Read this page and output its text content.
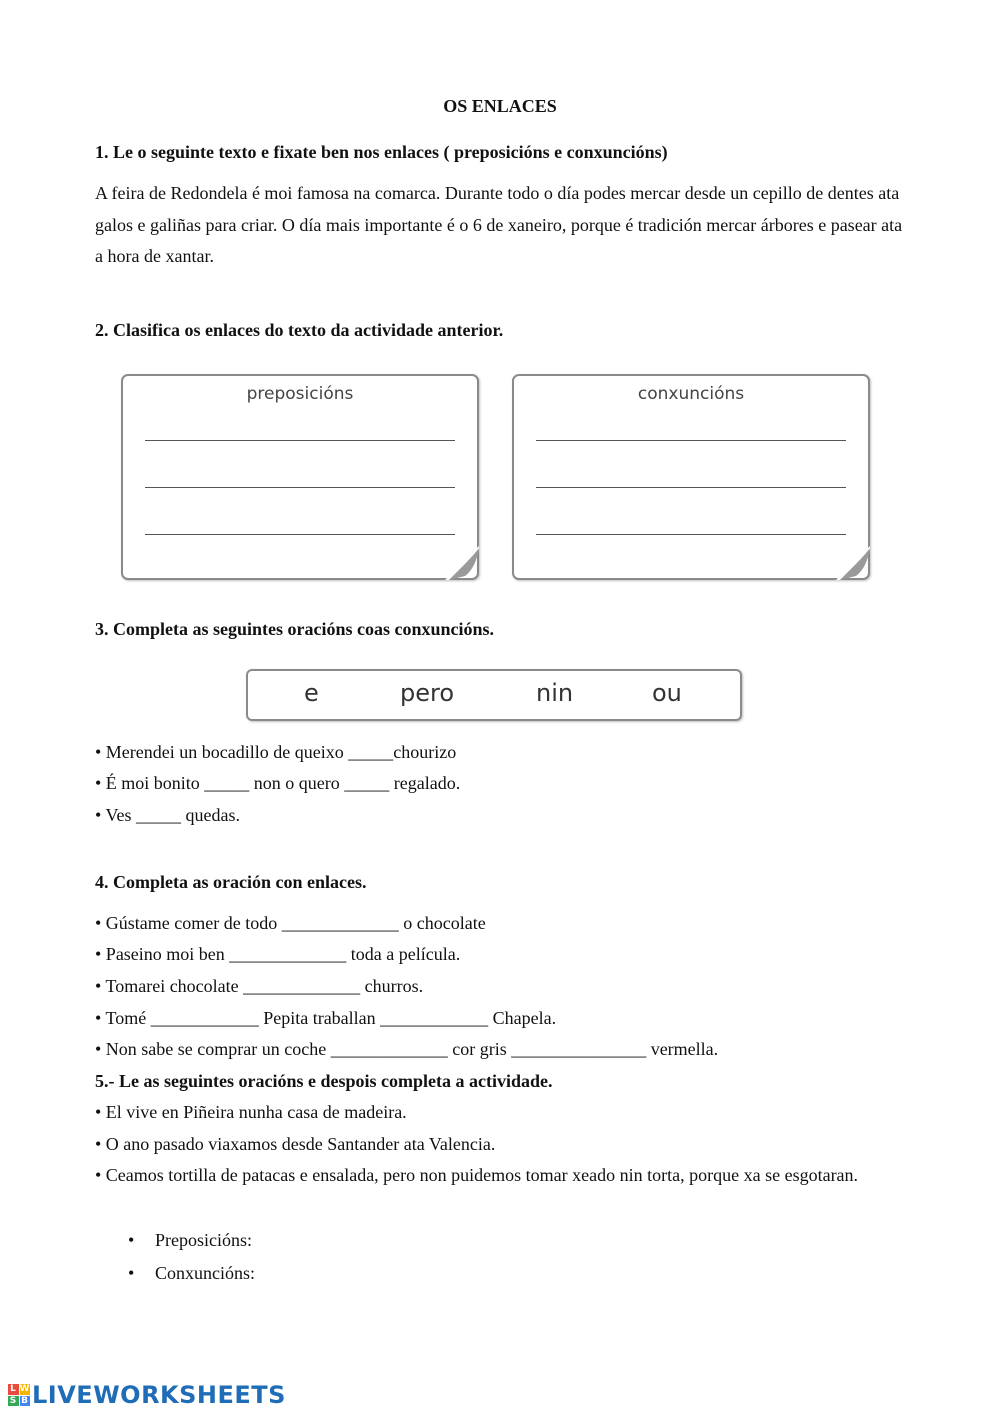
OS ENLACES
1. Le o seguinte texto e fixate ben nos enlaces ( preposicións e conxuncións)
A feira de Redondela é moi famosa na comarca. Durante todo o día podes mercar desde un cepillo de dentes ata galos e galiñas para criar. O día mais importante é o 6 de xaneiro, porque é tradición mercar árbores e pasear ata a hora de xantar.
2. Clasifica os enlaces do texto da actividade anterior.
preposicións	conxuncións
3. Completa as seguintes oracións coas conxuncións.
e	pero	nin	ou
• Merendei un bocadillo de queixo _____chourizo
• É moi bonito _____ non o quero _____ regalado.
• Ves _____ quedas.
4. Completa as oración con enlaces.
• Gústame comer de todo _____________ o chocolate
• Paseino moi ben _____________ toda a película.
• Tomarei chocolate _____________ churros.
• Tomé ____________ Pepita traballan ____________ Chapela.
• Non sabe se comprar un coche _____________ cor gris _______________ vermella.
5.- Le as seguintes oracións e despois completa a actividade.
• El vive en Piñeira nunha casa de madeira.
• O ano pasado viaxamos desde Santander ata Valencia.
• Ceamos tortilla de patacas e ensalada, pero non puidemos tomar xeado nin torta, porque xa se esgotaran.
• Preposicións:
• Conxuncións:
L W
S B LIVEWORKSHEETS
